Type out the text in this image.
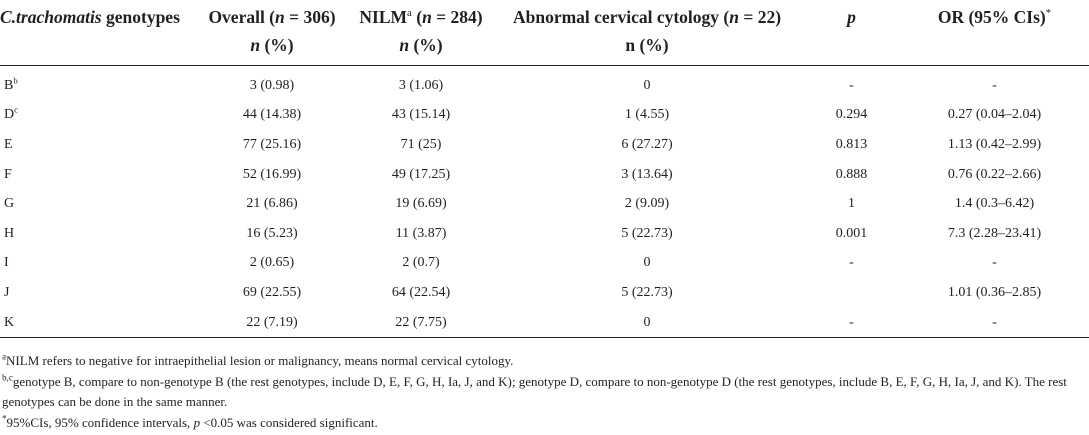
C.trachomatis genotypes	Overall (n = 306)	NILM$^a$ (n = 284)	Abnormal cervical cytology (n = 22)	p	OR (95% CIs)*
	n (%)	n (%)	n (%)		
$B^b$	3 (0.98)	3 (1.06)	0	-	-
$D^c$	44 (14.38)	43 (15.14)	1 (4.55)	0.294	0.27 (0.04–2.04)
E	77 (25.16)	71 (25)	6 (27.27)	0.813	1.13 (0.42–2.99)
F	52 (16.99)	49 (17.25)	3 (13.64)	0.888	0.76 (0.22–2.66)
G	21 (6.86)	19 (6.69)	2 (9.09)	1	1.4 (0.3–6.42)
H	16 (5.23)	11 (3.87)	5 (22.73)	0.001	7.3 (2.28–23.41)
I	2 (0.65)	2 (0.7)	0	-	-
J	69 (22.55)	64 (22.54)	5 (22.73)		1.01 (0.36–2.85)
K	22 (7.19)	22 (7.75)	0	-	-

$^a$NILM refers to negative for intraepithelial lesion or malignancy, means normal cervical cytology.

$^{b,c}$genotype B, compare to non-genotype B (the rest genotypes, include D, E, F, G, H, Ia, J, and K); genotype D, compare to non-genotype D (the rest genotypes, include B, E, F, G, H, Ia, J, and K). The rest genotypes can be done in the same manner.

*95%CIs, 95% confidence intervals, p <0.05 was considered significant.
